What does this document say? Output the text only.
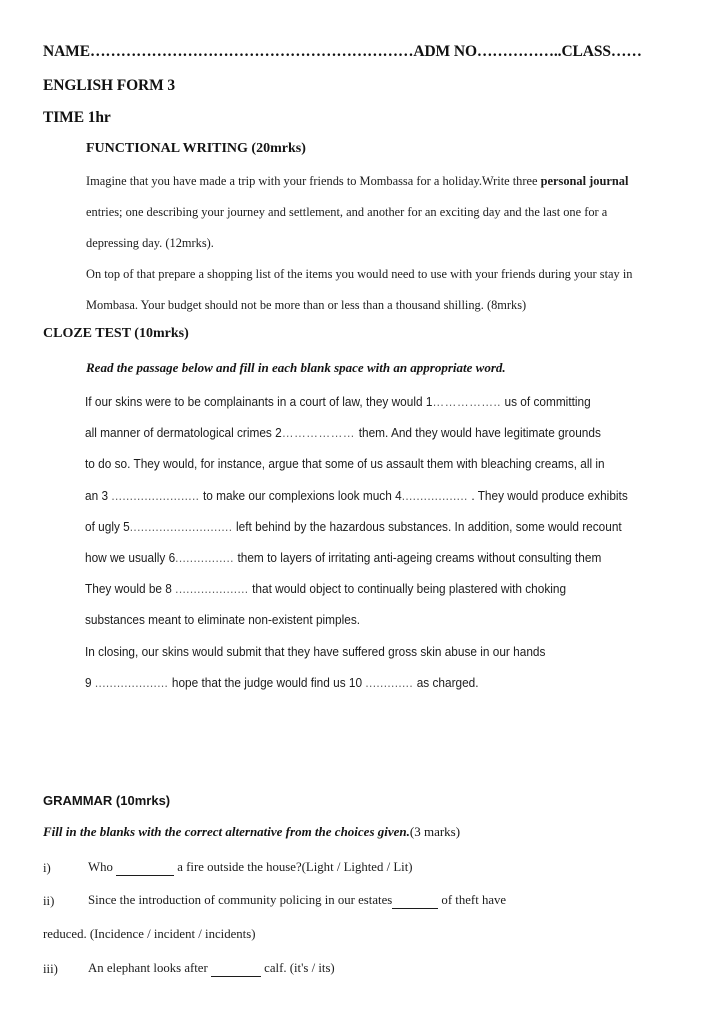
NAME………………………………………………………ADM NO……………..CLASS……
ENGLISH FORM 3
TIME 1hr
FUNCTIONAL WRITING (20mrks)
Imagine that you have made a trip with your friends to Mombassa for a holiday.Write three personal journal
entries; one describing your journey and settlement, and another for an exciting day and the last one for a
depressing day. (12mrks).
On top of that prepare a shopping list of the items you would need to use with your friends during your stay in
Mombasa. Your budget should not be more than or less than a thousand shilling. (8mrks)
CLOZE TEST (10mrks)
Read the passage below and fill in each blank space with an appropriate word.
If our skins were to be complainants in a court of law, they would 1…………….. us of committing
all manner of dermatological crimes 2……………… them. And they would have legitimate grounds
to do so. They would, for instance, argue that some of us assault them with bleaching creams, all in
an 3 ........................ to make our complexions look much 4.................. . They would produce exhibits
of ugly 5............................ left behind by the hazardous substances. In addition, some would recount
how we usually 6................ them to layers of irritating anti-ageing creams without consulting them
They would be 8 .................... that would object to continually being plastered with choking
substances meant to eliminate non-existent pimples.
In closing, our skins would submit that they have suffered gross skin abuse in our hands
9 .................... hope that the judge would find us 10 ............. as charged.
GRAMMAR (10mrks)
Fill in the blanks with the correct alternative from the choices given.(3 marks)
i)	Who	a fire outside the house?(Light / Lighted / Lit)
ii)	Since the introduction of community policing in our estates	of theft have
reduced. (Incidence / incident / incidents)
iii) An elephant looks after	calf. (it's / its)
